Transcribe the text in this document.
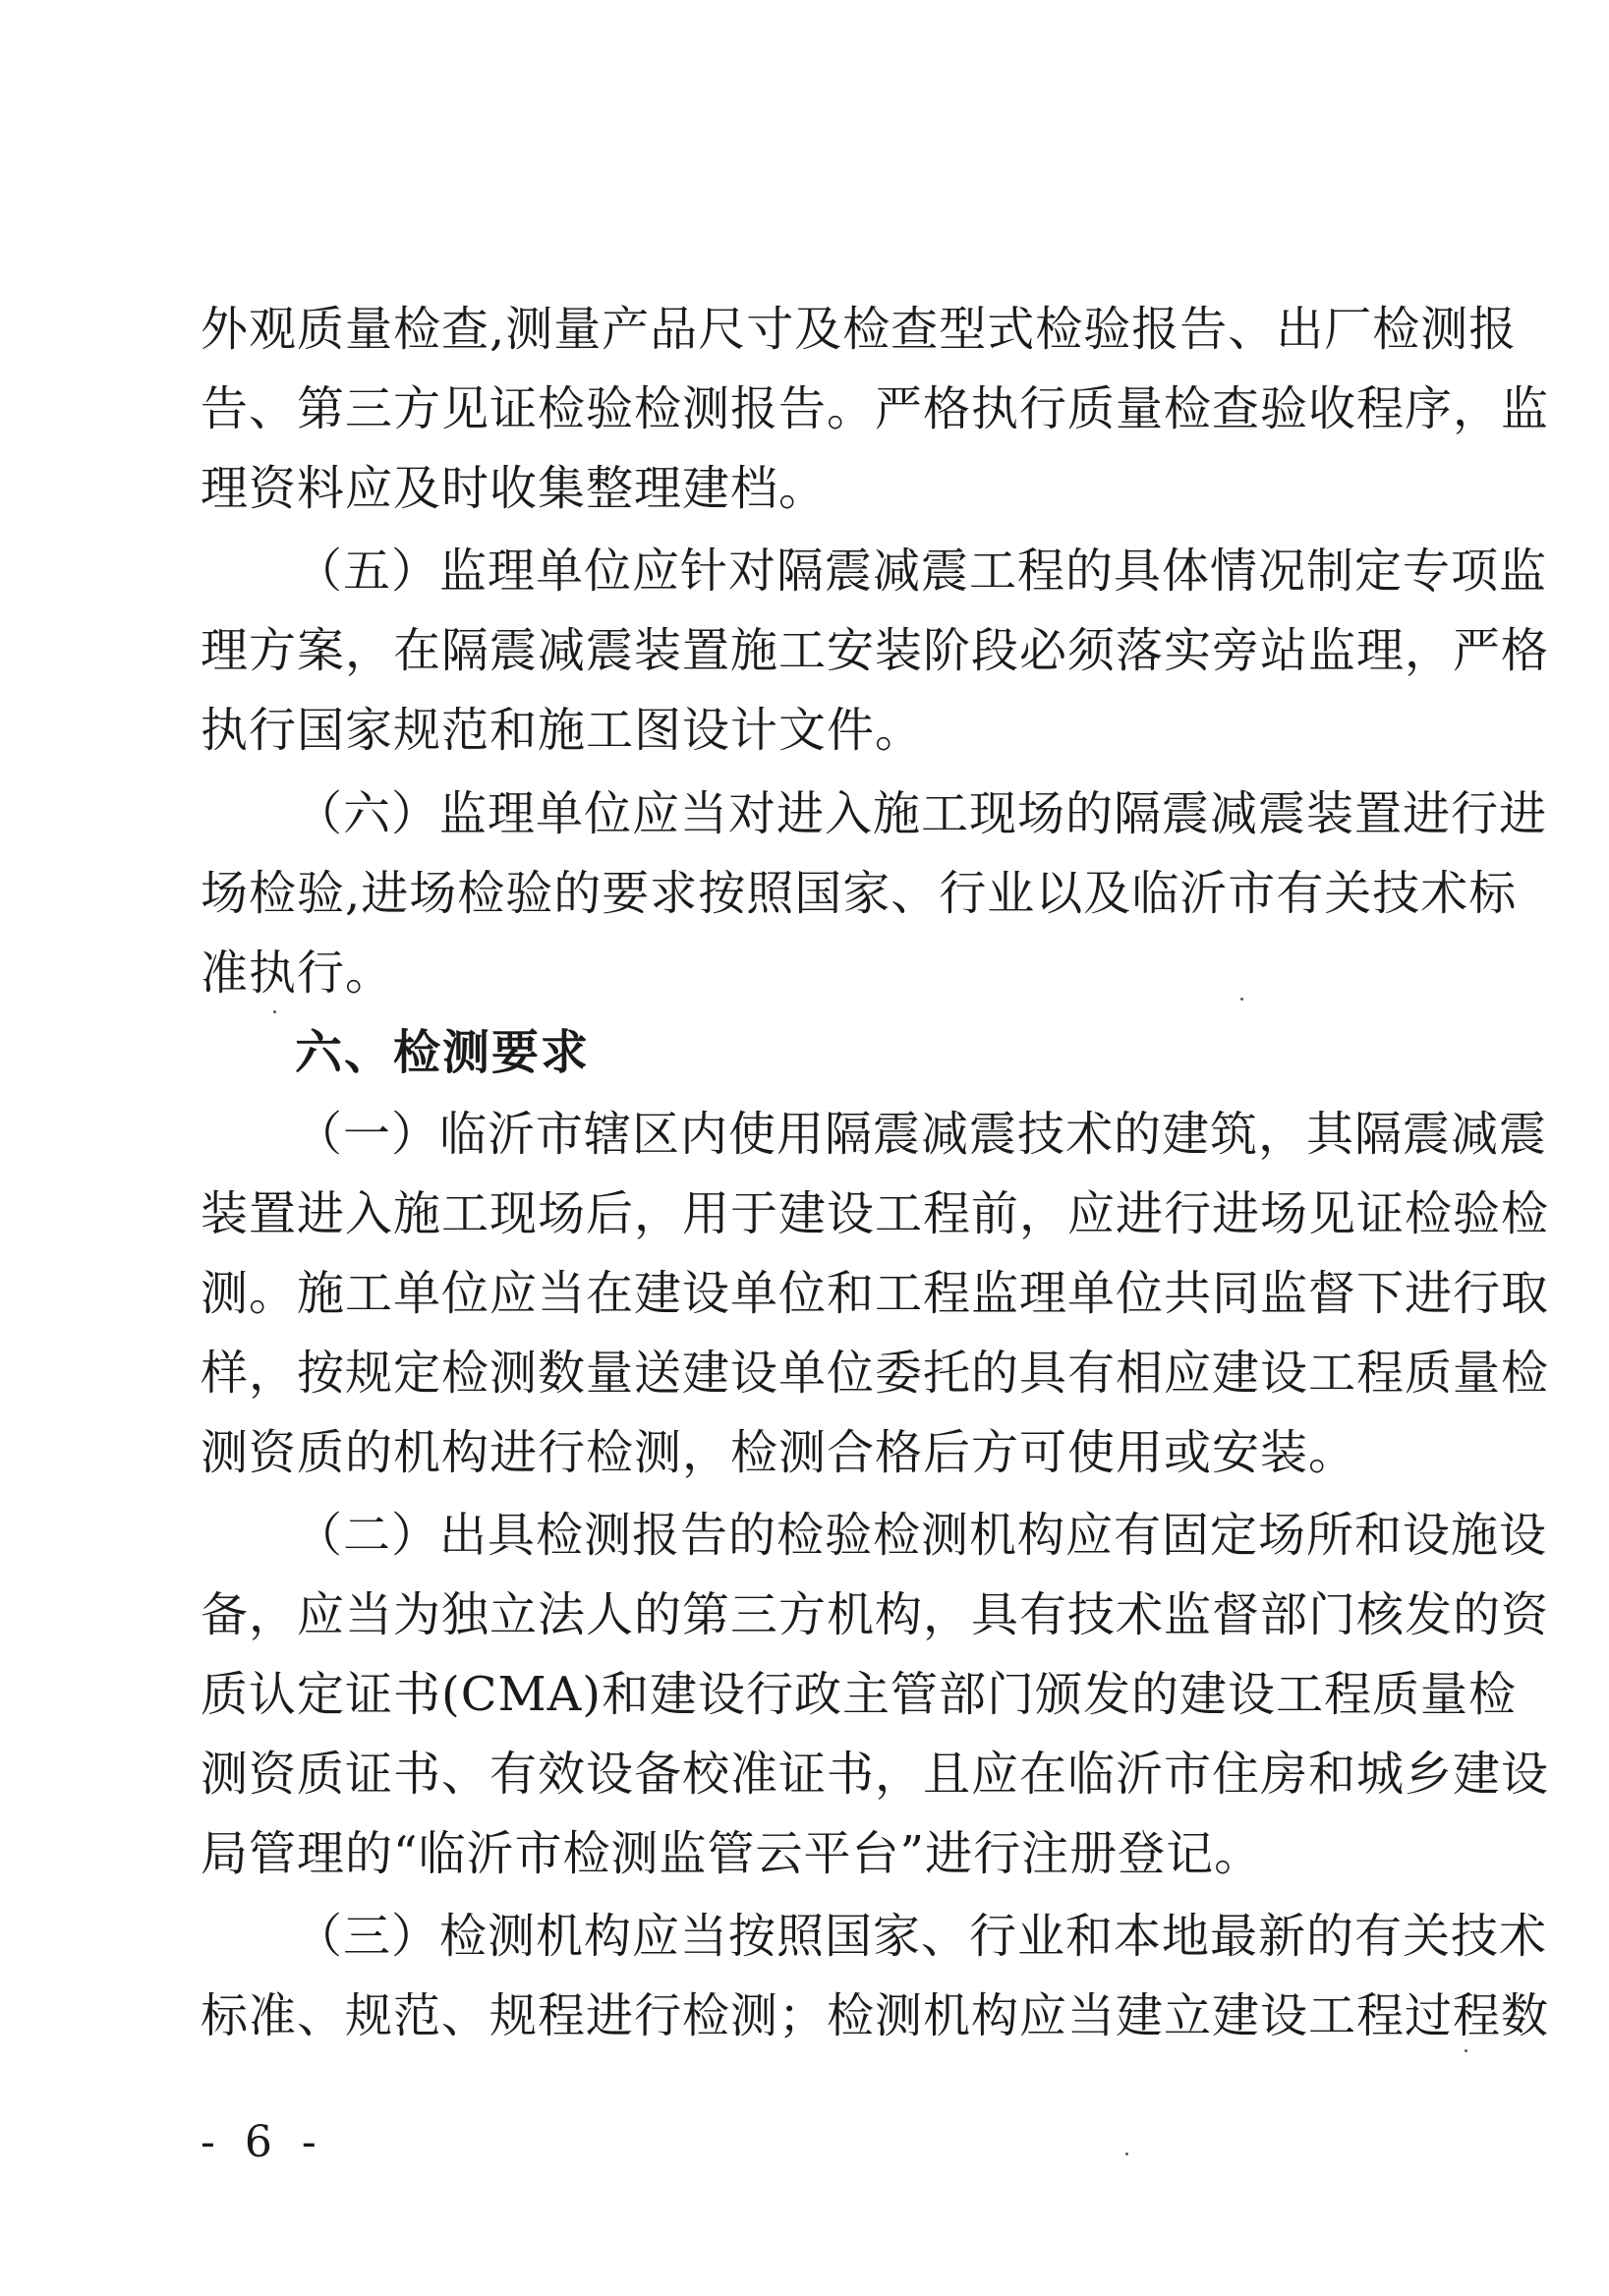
外观质量检查,测量产品尺寸及检查型式检验报告、出厂检测报
告、第三方见证检验检测报告。严格执行质量检查验收程序，监
理资料应及时收集整理建档。
（五）监理单位应针对隔震减震工程的具体情况制定专项监
理方案，在隔震减震装置施工安装阶段必须落实旁站监理，严格
执行国家规范和施工图设计文件。
（六）监理单位应当对进入施工现场的隔震减震装置进行进
场检验,进场检验的要求按照国家、行业以及临沂市有关技术标
准执行。
六、检测要求
（一）临沂市辖区内使用隔震减震技术的建筑，其隔震减震
装置进入施工现场后，用于建设工程前，应进行进场见证检验检
测。施工单位应当在建设单位和工程监理单位共同监督下进行取
样，按规定检测数量送建设单位委托的具有相应建设工程质量检
测资质的机构进行检测，检测合格后方可使用或安装。
（二）出具检测报告的检验检测机构应有固定场所和设施设
备，应当为独立法人的第三方机构，具有技术监督部门核发的资
质认定证书(CMA)和建设行政主管部门颁发的建设工程质量检
测资质证书、有效设备校准证书，且应在临沂市住房和城乡建设
局管理的“临沂市检测监管云平台”进行注册登记。
（三）检测机构应当按照国家、行业和本地最新的有关技术
标准、规范、规程进行检测；检测机构应当建立建设工程过程数
- 6 -
